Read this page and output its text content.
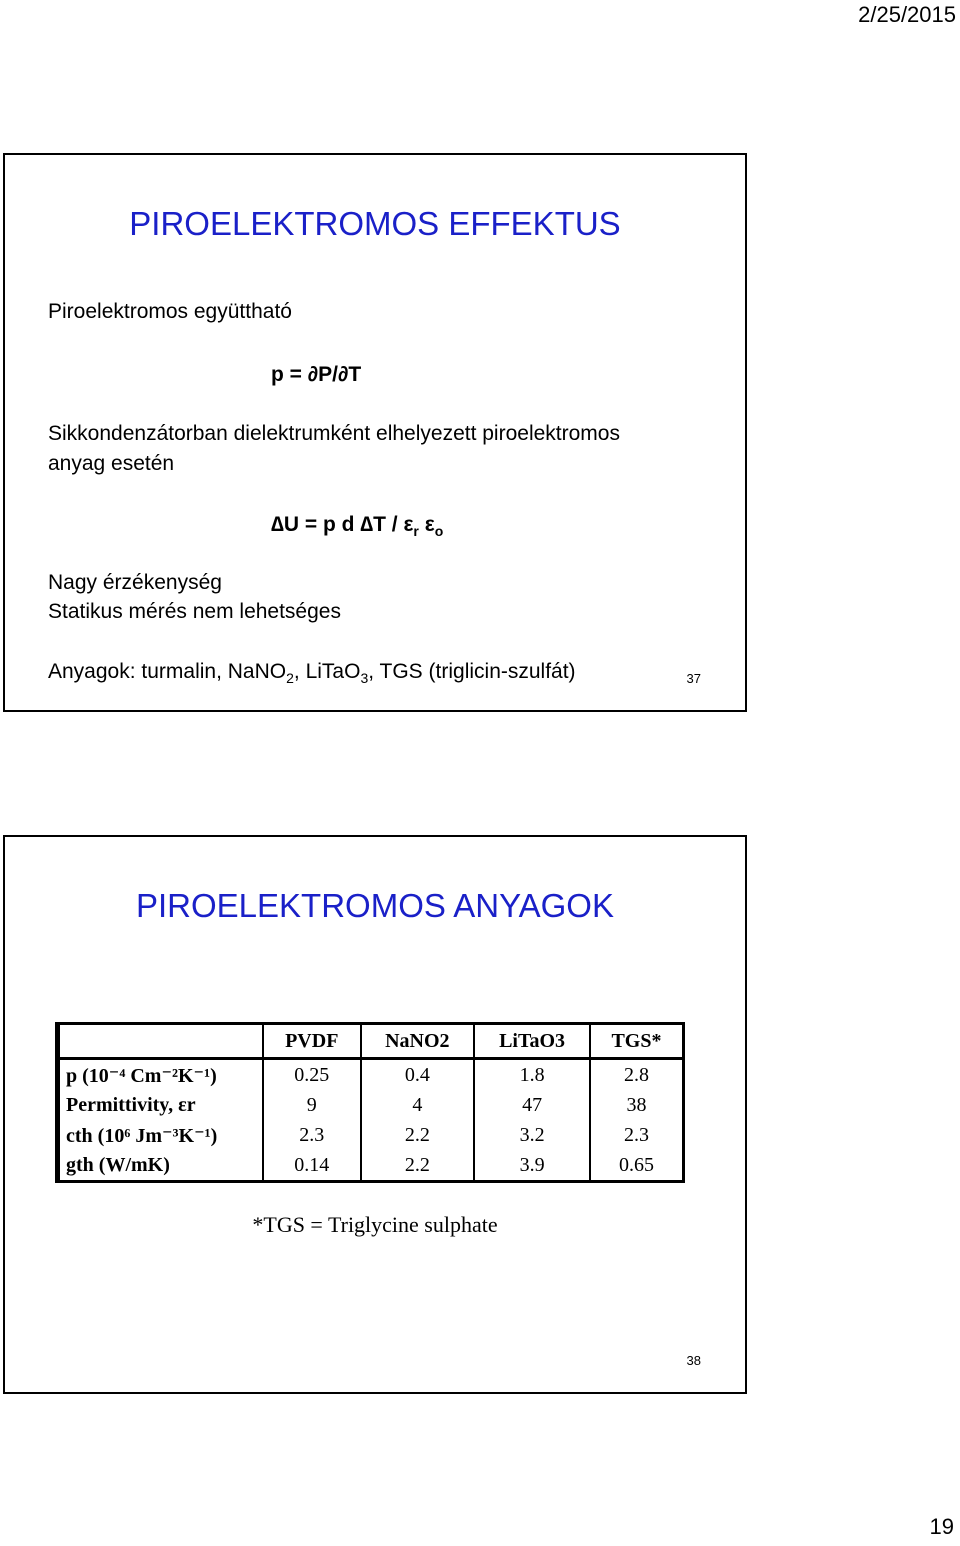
2/25/2015
PIROELEKTROMOS EFFEKTUS
Piroelektromos együttható
p = ∂P/∂T
Sikkondenzátorban dielektrumként elhelyezett piroelektromos
anyag esetén
∆U = p d $\Delta T / \varepsilon_r$ $\varepsilon_o$
Nagy érzékenység
Statikus mérés nem lehetséges
Anyagok: turmalin, NaNO$_2$, LiTaO$_3$, TGS (triglicin-szulfát)	37
PIROELEKTROMOS ANYAGOK
	PVDF	NaNO2	LiTaO3	TGS*
p (10⁻⁴ Cm⁻²K⁻¹)	0.25	0.4	1.8	2.8
Permittivity, εr	9	4	47	38
cth (10⁶ Jm⁻³K⁻¹)	2.3	2.2	3.2	2.3
gth (W/mK)	0.14	2.2	3.9	0.65
*TGS = Triglycine sulphate
38
19
